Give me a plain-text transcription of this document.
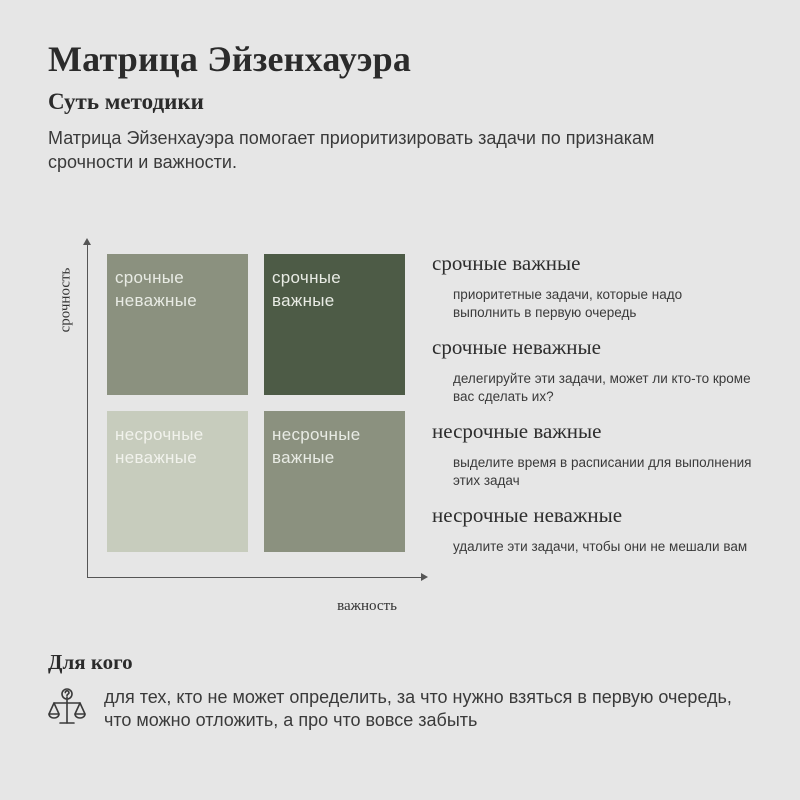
Матрица Эйзенхауэра
Суть методики
Матрица Эйзенхауэра помогает приоритизировать задачи по признакам срочности и важности.
срочность
важность
срочные
неважные
срочные
важные
несрочные
неважные
несрочные
важные
срочные важные
приоритетные задачи, которые надо выполнить в первую очередь
срочные неважные
делегируйте эти задачи, может ли кто-то кроме вас сделать их?
несрочные важные
выделите время в расписании для выполнения этих задач
несрочные неважные
удалите эти задачи, чтобы они не мешали вам
Для кого
для тех, кто не может определить, за что нужно взяться в первую очередь, что можно отложить, а про что вовсе забыть
